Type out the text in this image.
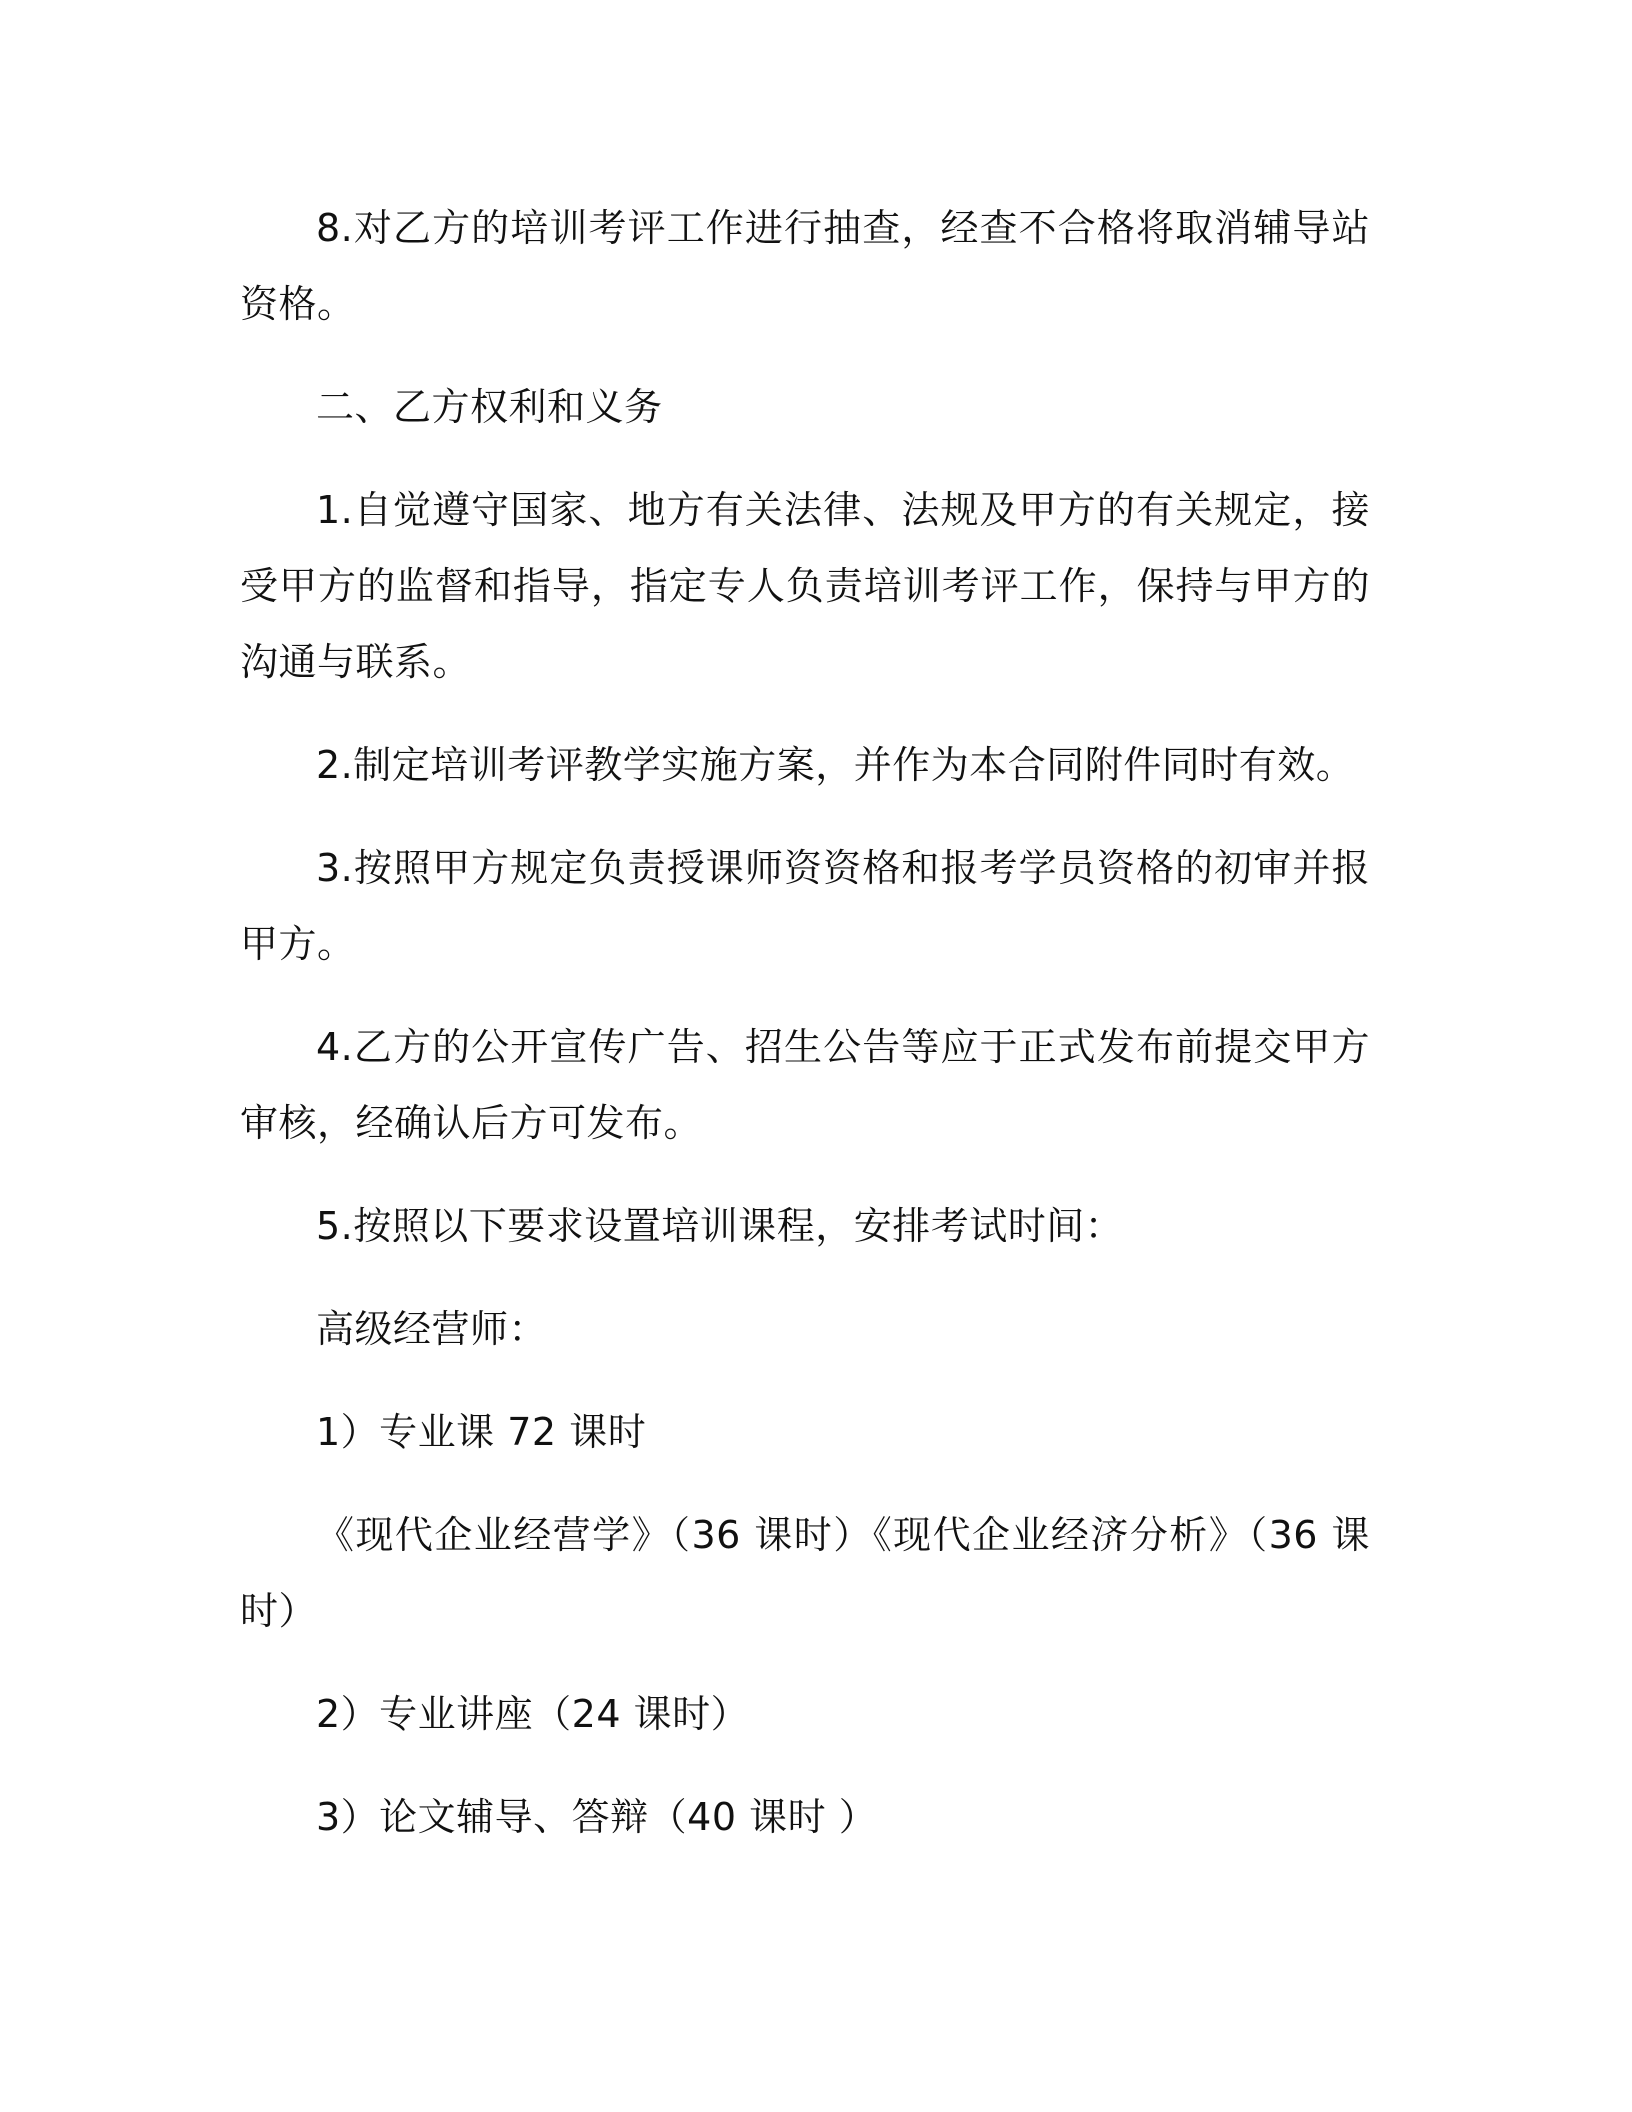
8.对乙方的培训考评工作进行抽查，经查不合格将取消辅导站资格。

二、乙方权利和义务

1.自觉遵守国家、地方有关法律、法规及甲方的有关规定，接受甲方的监督和指导，指定专人负责培训考评工作，保持与甲方的沟通与联系。

2.制定培训考评教学实施方案，并作为本合同附件同时有效。

3.按照甲方规定负责授课师资资格和报考学员资格的初审并报甲方。

4.乙方的公开宣传广告、招生公告等应于正式发布前提交甲方审核，经确认后方可发布。

5.按照以下要求设置培训课程，安排考试时间：

高级经营师：

1）专业课 72 课时

《现代企业经营学》（36 课时）《现代企业经济分析》（36 课时）

2）专业讲座（24 课时）

3）论文辅导、答辩（40 课时 ）
